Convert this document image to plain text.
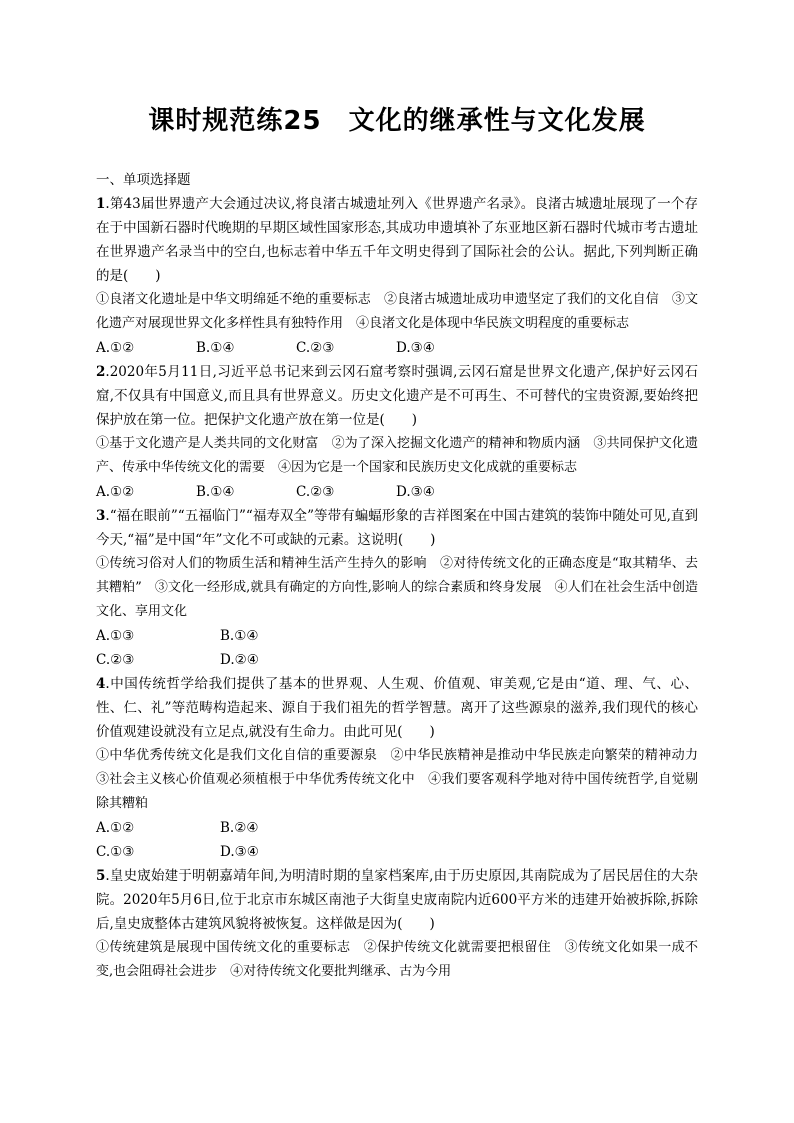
课时规范练25　文化的继承性与文化发展

一、单项选择题

1.第43届世界遗产大会通过决议,将良渚古城遗址列入《世界遗产名录》。良渚古城遗址展现了一个存在于中国新石器时代晚期的早期区域性国家形态,其成功申遗填补了东亚地区新石器时代城市考古遗址在世界遗产名录当中的空白,也标志着中华五千年文明史得到了国际社会的公认。据此,下列判断正确的是(　　)

①良渚文化遗址是中华文明绵延不绝的重要标志　②良渚古城遗址成功申遗坚定了我们的文化自信　③文化遗产对展现世界文化多样性具有独特作用　④良渚文化是体现中华民族文明程度的重要标志

A.①②	B.①④	C.②③	D.③④

2.2020年5月11日,习近平总书记来到云冈石窟考察时强调,云冈石窟是世界文化遗产,保护好云冈石窟,不仅具有中国意义,而且具有世界意义。历史文化遗产是不可再生、不可替代的宝贵资源,要始终把保护放在第一位。把保护文化遗产放在第一位是(　　)

①基于文化遗产是人类共同的文化财富　②为了深入挖掘文化遗产的精神和物质内涵　③共同保护文化遗产、传承中华传统文化的需要　④因为它是一个国家和民族历史文化成就的重要标志

A.①②	B.①④	C.②③	D.③④

3.“福在眼前”“五福临门”“福寿双全”等带有蝙蝠形象的吉祥图案在中国古建筑的装饰中随处可见,直到今天,“福”是中国“年”文化不可或缺的元素。这说明(　　)

①传统习俗对人们的物质生活和精神生活产生持久的影响　②对待传统文化的正确态度是“取其精华、去其糟粕”　③文化一经形成,就具有确定的方向性,影响人的综合素质和终身发展　④人们在社会生活中创造文化、享用文化

A.①③	B.①④
C.②③	D.②④

4.中国传统哲学给我们提供了基本的世界观、人生观、价值观、审美观,它是由“道、理、气、心、性、仁、礼”等范畴构造起来、源自于我们祖先的哲学智慧。离开了这些源泉的滋养,我们现代的核心价值观建设就没有立足点,就没有生命力。由此可见(　　)

①中华优秀传统文化是我们文化自信的重要源泉　②中华民族精神是推动中华民族走向繁荣的精神动力　③社会主义核心价值观必须植根于中华优秀传统文化中　④我们要客观科学地对待中国传统哲学,自觉剔除其糟粕

A.①②	B.②④
C.①③	D.③④

5.皇史宬始建于明朝嘉靖年间,为明清时期的皇家档案库,由于历史原因,其南院成为了居民居住的大杂院。2020年5月6日,位于北京市东城区南池子大街皇史宬南院内近600平方米的违建开始被拆除,拆除后,皇史宬整体古建筑风貌将被恢复。这样做是因为(　　)

①传统建筑是展现中国传统文化的重要标志　②保护传统文化就需要把根留住　③传统文化如果一成不变,也会阻碍社会进步　④对待传统文化要批判继承、古为今用
